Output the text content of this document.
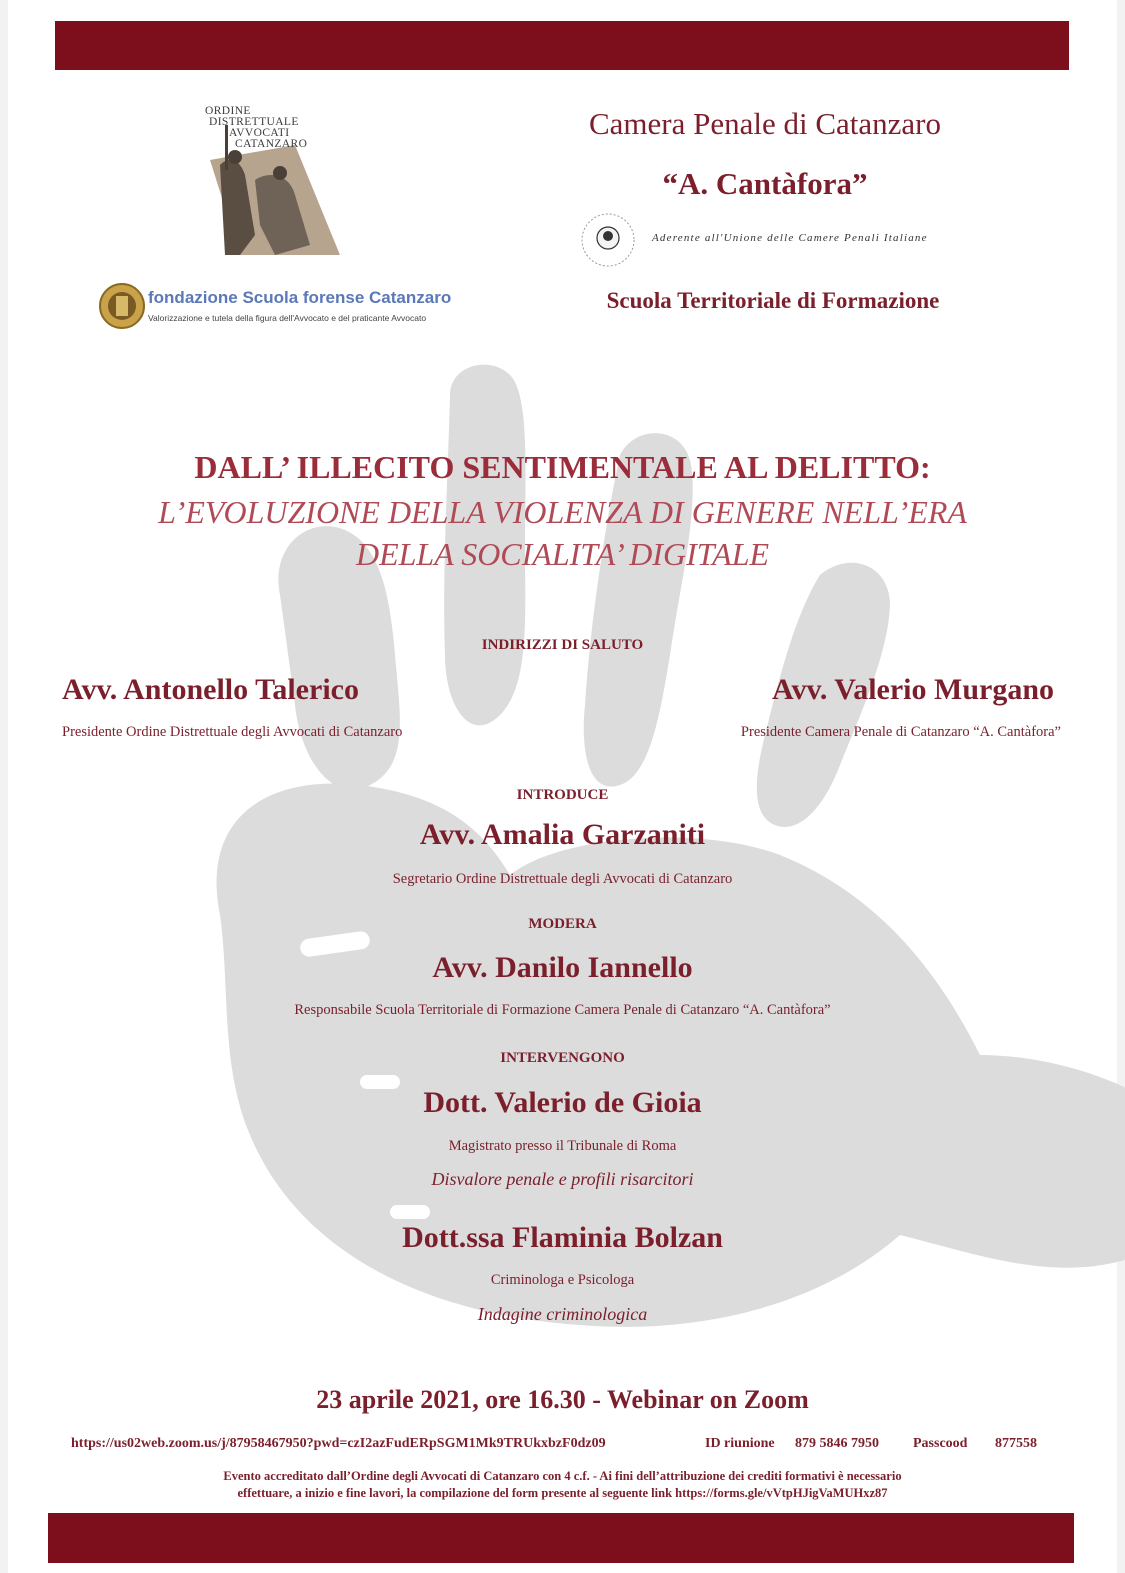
ORDINE
DISTRETTUALE
AVVOCATI
CATANZARO
fondazione Scuola forense Catanzaro
Valorizzazione e tutela della figura dell'Avvocato e del praticante Avvocato
Camera Penale di Catanzaro
“A. Cantàfora”
Aderente all'Unione delle Camere Penali Italiane
Scuola Territoriale di Formazione
DALL’ ILLECITO SENTIMENTALE AL DELITTO:
L’EVOLUZIONE DELLA VIOLENZA DI GENERE NELL’ERA
DELLA SOCIALITA’ DIGITALE
INDIRIZZI DI SALUTO
Avv. Antonello Talerico
Presidente Ordine Distrettuale degli Avvocati di Catanzaro
Avv. Valerio Murgano
Presidente Camera Penale di Catanzaro “A. Cantàfora”
INTRODUCE
Avv. Amalia Garzaniti
Segretario Ordine Distrettuale degli Avvocati di Catanzaro
MODERA
Avv. Danilo Iannello
Responsabile Scuola Territoriale di Formazione Camera Penale di Catanzaro “A. Cantàfora”
INTERVENGONO
Dott. Valerio de Gioia
Magistrato presso il Tribunale di Roma
Disvalore penale e profili risarcitori
Dott.ssa Flaminia Bolzan
Criminologa e Psicologa
Indagine criminologica
23 aprile 2021, ore 16.30 - Webinar on Zoom
https://us02web.zoom.us/j/87958467950?pwd=czI2azFudERpSGM1Mk9TRUkxbzF0dz09	ID riunione 879 5846 7950 Passcood 877558
Evento accreditato dall’Ordine degli Avvocati di Catanzaro con 4 c.f. - Ai fini dell’attribuzione dei crediti formativi è necessario
effettuare, a inizio e fine lavori, la compilazione del form presente al seguente link https://forms.gle/vVtpHJigVaMUHxz87
